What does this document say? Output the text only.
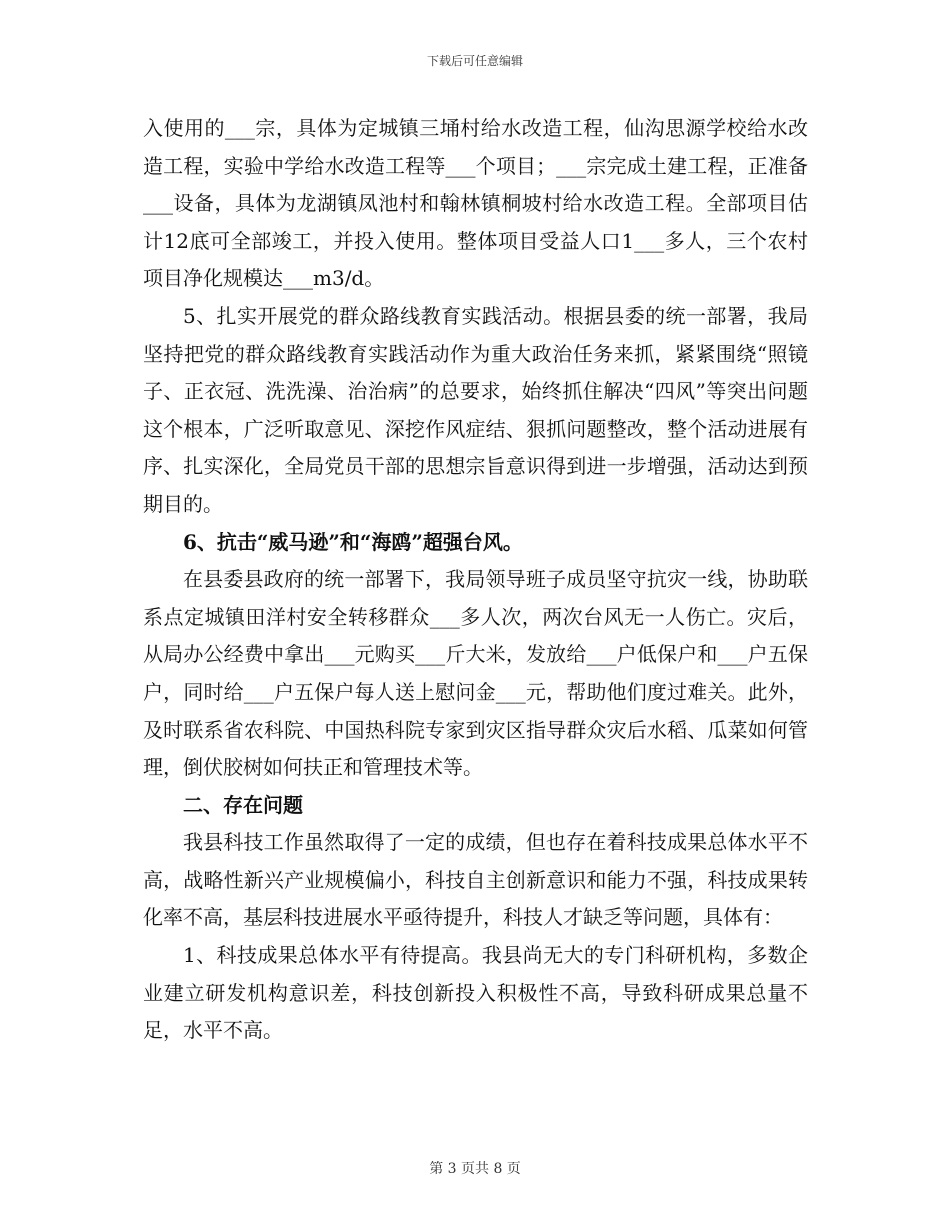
下载后可任意编辑

入使用的___宗，具体为定城镇三埇村给水改造工程，仙沟思源学校给水改造工程，实验中学给水改造工程等___个项目；___宗完成土建工程，正准备___设备，具体为龙湖镇凤池村和翰林镇桐坡村给水改造工程。全部项目估计12底可全部竣工，并投入使用。整体项目受益人口1___多人，三个农村项目净化规模达___m3/d。

5、扎实开展党的群众路线教育实践活动。根据县委的统一部署，我局坚持把党的群众路线教育实践活动作为重大政治任务来抓，紧紧围绕“照镜子、正衣冠、洗洗澡、治治病”的总要求，始终抓住解决“四风”等突出问题这个根本，广泛听取意见、深挖作风症结、狠抓问题整改，整个活动进展有序、扎实深化，全局党员干部的思想宗旨意识得到进一步增强，活动达到预期目的。

6、抗击“威马逊”和“海鸥”超强台风。

在县委县政府的统一部署下，我局领导班子成员坚守抗灾一线，协助联系点定城镇田洋村安全转移群众___多人次，两次台风无一人伤亡。灾后，从局办公经费中拿出___元购买___斤大米，发放给___户低保户和___户五保户，同时给___户五保户每人送上慰问金___元，帮助他们度过难关。此外，及时联系省农科院、中国热科院专家到灾区指导群众灾后水稻、瓜菜如何管理，倒伏胶树如何扶正和管理技术等。

二、存在问题

我县科技工作虽然取得了一定的成绩，但也存在着科技成果总体水平不高，战略性新兴产业规模偏小，科技自主创新意识和能力不强，科技成果转化率不高，基层科技进展水平亟待提升，科技人才缺乏等问题，具体有：

1、科技成果总体水平有待提高。我县尚无大的专门科研机构，多数企业建立研发机构意识差，科技创新投入积极性不高，导致科研成果总量不足，水平不高。

第 3 页共 8 页
